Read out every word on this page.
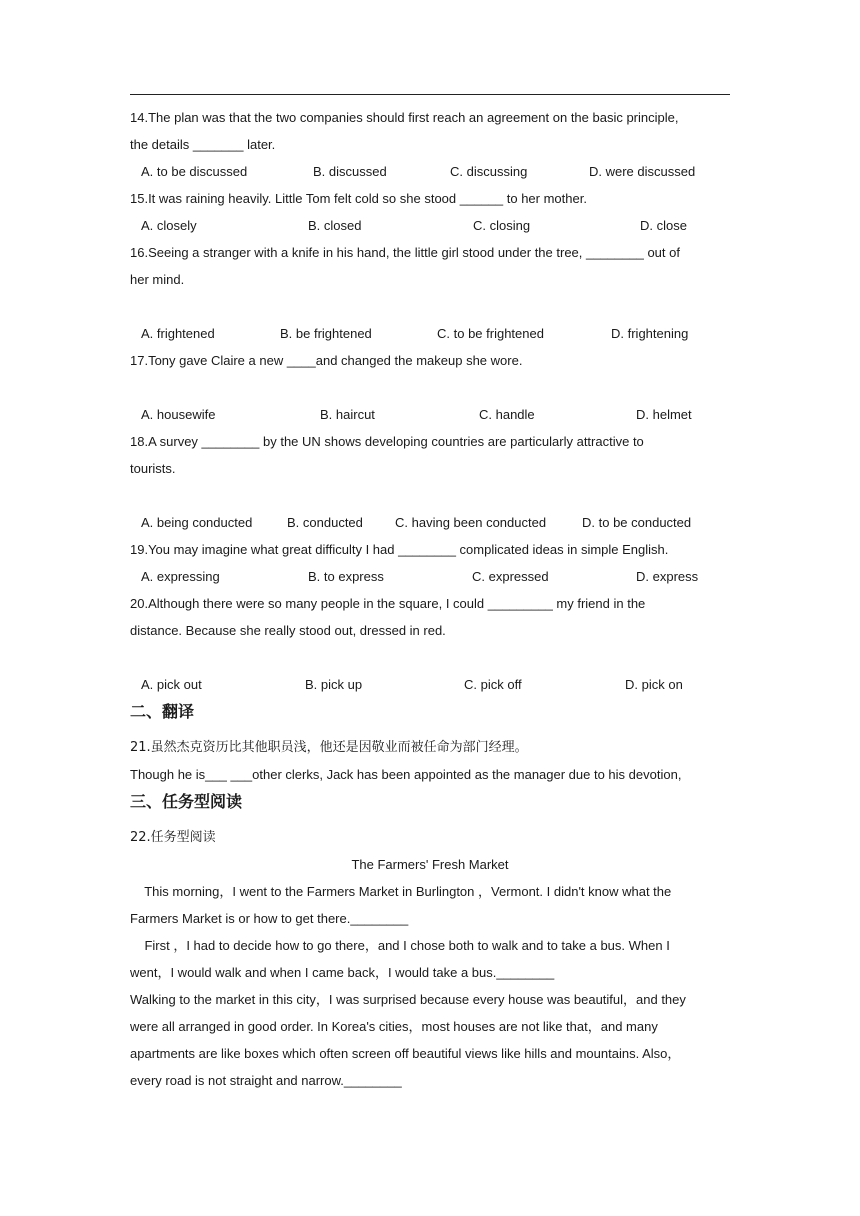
14.The plan was that the two companies should first reach an agreement on the basic principle,
the details _______ later.
A. to be discussed	B. discussed	C. discussing	D. were discussed
15.It was raining heavily. Little Tom felt cold so she stood ______ to her mother.
A. closely	B. closed	C. closing	D. close
16.Seeing a stranger with a knife in his hand, the little girl stood under the tree, ________ out of
her mind.
A. frightened	B. be frightened	C. to be frightened	D. frightening
17.Tony gave Claire a new ____and changed the makeup she wore.
A. housewife	B. haircut	C. handle	D. helmet
18.A survey ________ by the UN shows developing countries are particularly attractive to
tourists.
A. being conducted	B. conducted C. having been conducted	D. to be conducted
19.You may imagine what great difficulty I had ________ complicated ideas in simple English.
A. expressing	B. to express	C. expressed	D. express
20.Although there were so many people in the square, I could _________ my friend in the
distance. Because she really stood out, dressed in red.
A. pick out	B. pick up	C. pick off	D. pick on
二、翻译
21.虽然杰克资历比其他职员浅，他还是因敬业而被任命为部门经理。
Though he is___ ___other clerks, Jack has been appointed as the manager due to his devotion,
三、任务型阅读
22.任务型阅读
The Farmers' Fresh Market
This morning，I went to the Farmers Market in Burlington ，Vermont. I didn't know what the
Farmers Market is or how to get there.________
First ，I had to decide how to go there，and I chose both to walk and to take a bus. When I
went，I would walk and when I came back，I would take a bus.________
Walking to the market in this city，I was surprised because every house was beautiful，and they
were all arranged in good order. In Korea's cities，most houses are not like that，and many
apartments are like boxes which often screen off beautiful views like hills and mountains. Also，
every road is not straight and narrow.________
